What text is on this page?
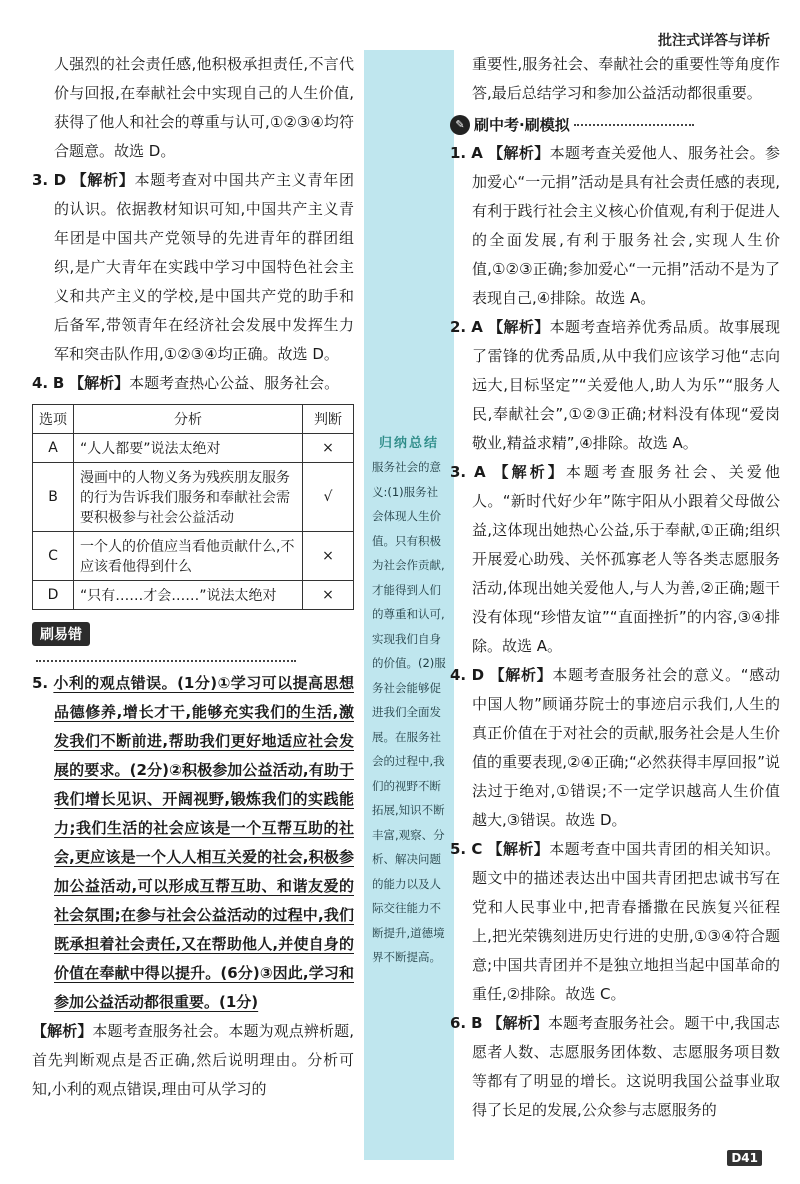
批注式详答与详析

人强烈的社会责任感,他积极承担责任,不言代价与回报,在奉献社会中实现自己的人生价值,获得了他人和社会的尊重与认可,①②③④均符合题意。故选 D。

3. D 【解析】本题考查对中国共产主义青年团的认识。依据教材知识可知,中国共产主义青年团是中国共产党领导的先进青年的群团组织,是广大青年在实践中学习中国特色社会主义和共产主义的学校,是中国共产党的助手和后备军,带领青年在经济社会发展中发挥生力军和突击队作用,①②③④均正确。故选 D。

4. B 【解析】本题考查热心公益、服务社会。

选项	分析	判断
A	“人人都要”说法太绝对	×
B	漫画中的人物义务为残疾朋友服务的行为告诉我们服务和奉献社会需要积极参与社会公益活动	√
C	一个人的价值应当看他贡献什么,不应该看他得到什么	×
D	“只有……才会……”说法太绝对	×
刷易错

5. 小利的观点错误。(1分)①学习可以提高思想品德修养,增长才干,能够充实我们的生活,激发我们不断前进,帮助我们更好地适应社会发展的要求。(2分)②积极参加公益活动,有助于我们增长见识、开阔视野,锻炼我们的实践能力;我们生活的社会应该是一个互帮互助的社会,更应该是一个人人相互关爱的社会,积极参加公益活动,可以形成互帮互助、和谐友爱的社会氛围;在参与社会公益活动的过程中,我们既承担着社会责任,又在帮助他人,并使自身的价值在奉献中得以提升。(6分)③因此,学习和参加公益活动都很重要。(1分)

【解析】本题考查服务社会。本题为观点辨析题,首先判断观点是否正确,然后说明理由。分析可知,小利的观点错误,理由可从学习的

归纳总结
服务社会的意义:(1)服务社会体现人生价值。只有积极为社会作贡献,才能得到人们的尊重和认可,实现我们自身的价值。(2)服务社会能够促进我们全面发展。在服务社会的过程中,我们的视野不断拓展,知识不断丰富,观察、分析、解决问题的能力以及人际交往能力不断提升,道德境界不断提高。

重要性,服务社会、奉献社会的重要性等角度作答,最后总结学习和参加公益活动都很重要。

✎ 刷中考·刷模拟

1. A 【解析】本题考查关爱他人、服务社会。参加爱心“一元捐”活动是具有社会责任感的表现,有利于践行社会主义核心价值观,有利于促进人的全面发展,有利于服务社会,实现人生价值,①②③正确;参加爱心“一元捐”活动不是为了表现自己,④排除。故选 A。

2. A 【解析】本题考查培养优秀品质。故事展现了雷锋的优秀品质,从中我们应该学习他“志向远大,目标坚定”“关爱他人,助人为乐”“服务人民,奉献社会”,①②③正确;材料没有体现“爱岗敬业,精益求精”,④排除。故选 A。

3. A 【解析】本题考查服务社会、关爱他人。“新时代好少年”陈宇阳从小跟着父母做公益,这体现出她热心公益,乐于奉献,①正确;组织开展爱心助残、关怀孤寡老人等各类志愿服务活动,体现出她关爱他人,与人为善,②正确;题干没有体现“珍惜友谊”“直面挫折”的内容,③④排除。故选 A。

4. D 【解析】本题考查服务社会的意义。“感动中国人物”顾诵芬院士的事迹启示我们,人生的真正价值在于对社会的贡献,服务社会是人生价值的重要表现,②④正确;“必然获得丰厚回报”说法过于绝对,①错误;不一定学识越高人生价值越大,③错误。故选 D。

5. C 【解析】本题考查中国共青团的相关知识。题文中的描述表达出中国共青团把忠诚书写在党和人民事业中,把青春播撒在民族复兴征程上,把光荣镌刻进历史行进的史册,①③④符合题意;中国共青团并不是独立地担当起中国革命的重任,②排除。故选 C。

6. B 【解析】本题考查服务社会。题干中,我国志愿者人数、志愿服务团体数、志愿服务项目数等都有了明显的增长。这说明我国公益事业取得了长足的发展,公众参与志愿服务的

D41
